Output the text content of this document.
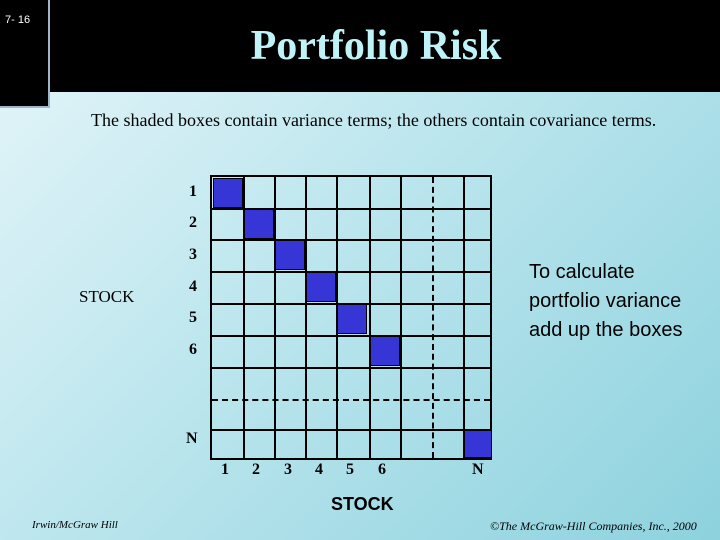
7- 16
Portfolio Risk
The shaded boxes contain variance terms; the others contain covariance terms.
STOCK
1
2
3
4
5
6
N
1 2 3 4 5 6	N
STOCK
To calculate portfolio variance add up the boxes
Irwin/McGraw Hill	©The McGraw-Hill Companies, Inc., 2000
